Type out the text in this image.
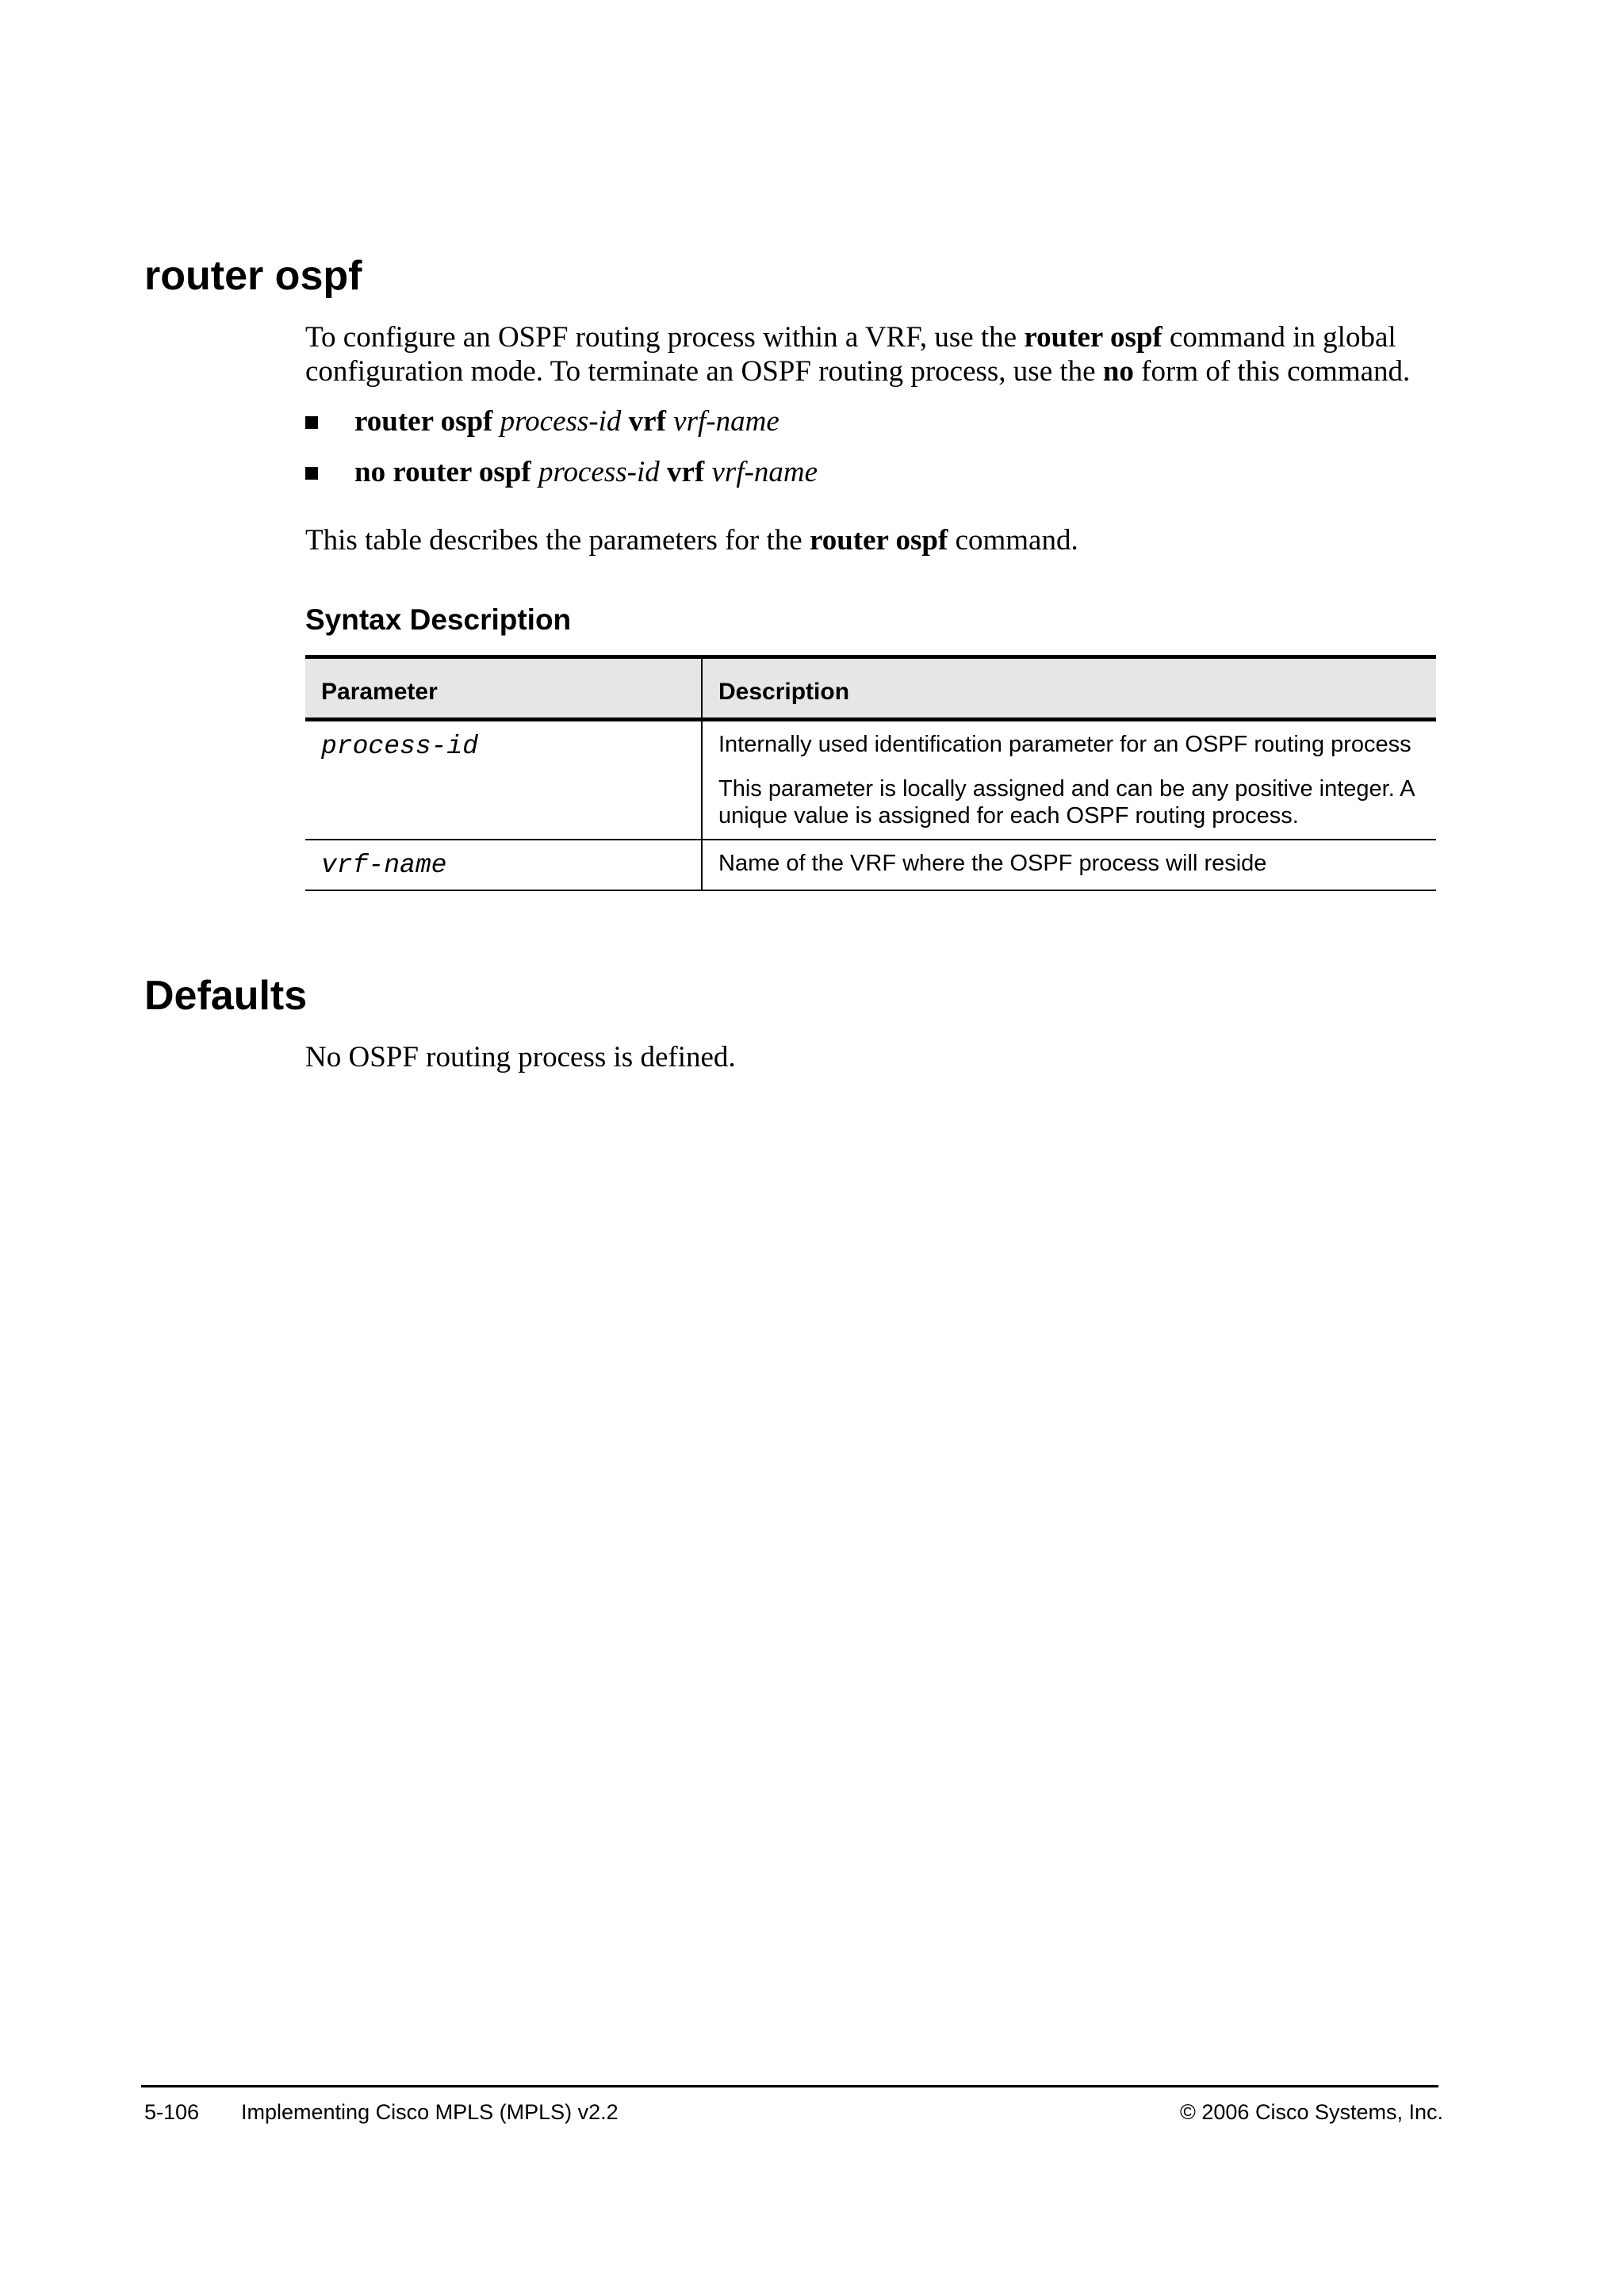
router ospf

To configure an OSPF routing process within a VRF, use the router ospf command in global

configuration mode. To terminate an OSPF routing process, use the no form of this command.

router ospf process-id vrf vrf-name
no router ospf process-id vrf vrf-name

This table describes the parameters for the router ospf command.

Syntax Description
Parameter	Description
process-id	Internally used identification parameter for an OSPF routing process

This parameter is locally assigned and can be any positive integer. A unique value is assigned for each OSPF routing process.

vrf-name	Name of the VRF where the OSPF process will reside

Defaults

No OSPF routing process is defined.

5-106 Implementing Cisco MPLS (MPLS) v2.2	© 2006 Cisco Systems, Inc.
